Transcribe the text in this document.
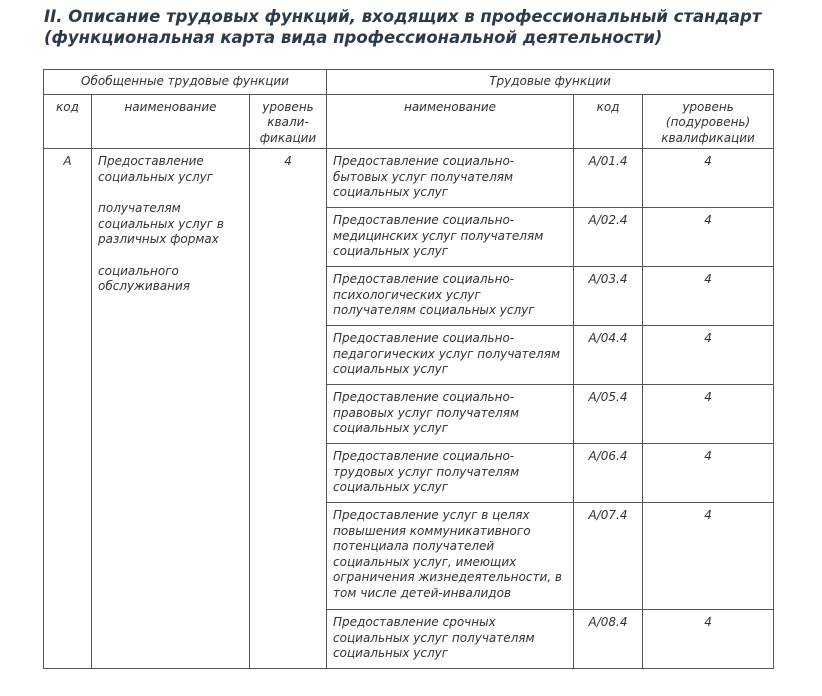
II. Описание трудовых функций, входящих в профессиональный стандарт (функциональная карта вида профессиональной деятельности)
Обобщенные трудовые функции			Трудовые функции		
код	наименование	уровень квали-фикации	наименование	код	уровень (подуровень) квалификации
А	Предоставление социальных услуг

получателям социальных услуг в различных формах

социального обслуживания	4	Предоставление социально-бытовых услуг получателям социальных услуг	А/01.4	4
			Предоставление социально-медицинских услуг получателям социальных услуг	А/02.4	4
			Предоставление социально-психологических услуг получателям социальных услуг	А/03.4	4
			Предоставление социально-педагогических услуг получателям социальных услуг	А/04.4	4
			Предоставление социально-правовых услуг получателям социальных услуг	А/05.4	4
			Предоставление социально-трудовых услуг получателям социальных услуг	А/06.4	4
			Предоставление услуг в целях повышения коммуникативного потенциала получателей социальных услуг, имеющих ограничения жизнедеятельности, в том числе детей-инвалидов	А/07.4	4
			Предоставление срочных социальных услуг получателям социальных услуг	А/08.4	4
